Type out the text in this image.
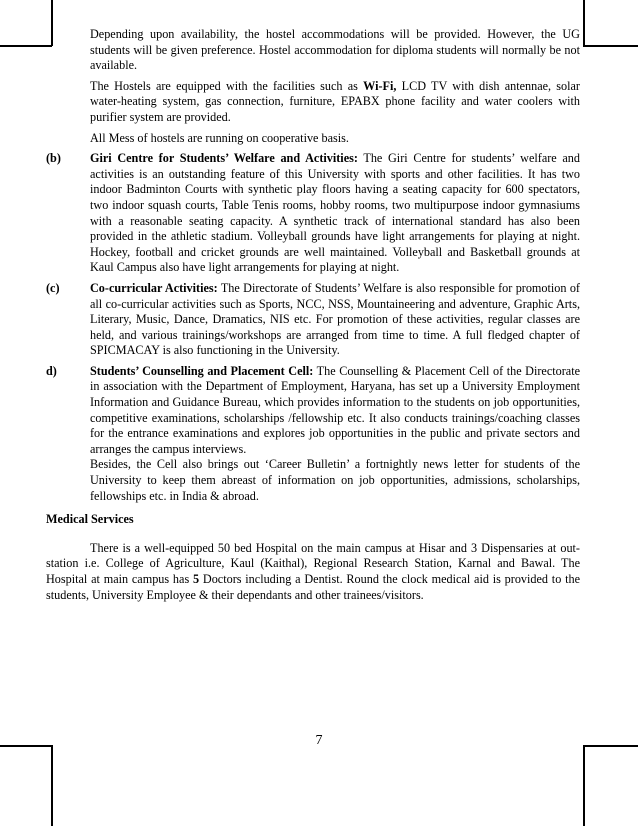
Depending upon availability, the hostel accommodations will be provided. However, the UG students will be given preference. Hostel accommodation for diploma students will normally be not available.

The Hostels are equipped with the facilities such as Wi-Fi, LCD TV with dish antennae, solar water-heating system, gas connection, furniture, EPABX phone facility and water coolers with purifier system are provided.

All Mess of hostels are running on cooperative basis.

(b)	Giri Centre for Students’ Welfare and Activities: The Giri Centre for students’ welfare and activities is an outstanding feature of this University with sports and other facilities. It has two indoor Badminton Courts with synthetic play floors having a seating capacity for 600 spectators, two indoor squash courts, Table Tenis rooms, hobby rooms, two multipurpose indoor gymnasiums with a reasonable seating capacity. A synthetic track of international standard has also been provided in the athletic stadium. Volleyball grounds have light arrangements for playing at night. Hockey, football and cricket grounds are well maintained. Volleyball and Basketball grounds at Kaul Campus also have light arrangements for playing at night.
(c)	Co-curricular Activities: The Directorate of Students’ Welfare is also responsible for promotion of all co-curricular activities such as Sports, NCC, NSS, Mountaineering and adventure, Graphic Arts, Literary, Music, Dance, Dramatics, NIS etc. For promotion of these activities, regular classes are held, and various trainings/workshops are arranged from time to time. A full fledged chapter of SPICMACAY is also functioning in the University.
d)	Students’ Counselling and Placement Cell: The Counselling & Placement Cell of the Directorate in association with the Department of Employment, Haryana, has set up a University Employment Information and Guidance Bureau, which provides information to the students on job opportunities, competitive examinations, scholarships /fellowship etc. It also conducts trainings/coaching classes for the entrance examinations and explores job opportunities in the public and private sectors and arranges the campus interviews.
Besides, the Cell also brings out ‘Career Bulletin’ a fortnightly news letter for students of the University to keep them abreast of information on job opportunities, admissions, scholarships, fellowships etc. in India & abroad.
Medical Services

There is a well-equipped 50 bed Hospital on the main campus at Hisar and 3 Dispensaries at out-station i.e. College of Agriculture, Kaul (Kaithal), Regional Research Station, Karnal and Bawal. The Hospital at main campus has 5 Doctors including a Dentist. Round the clock medical aid is provided to the students, University Employee & their dependants and other trainees/visitors.

7
